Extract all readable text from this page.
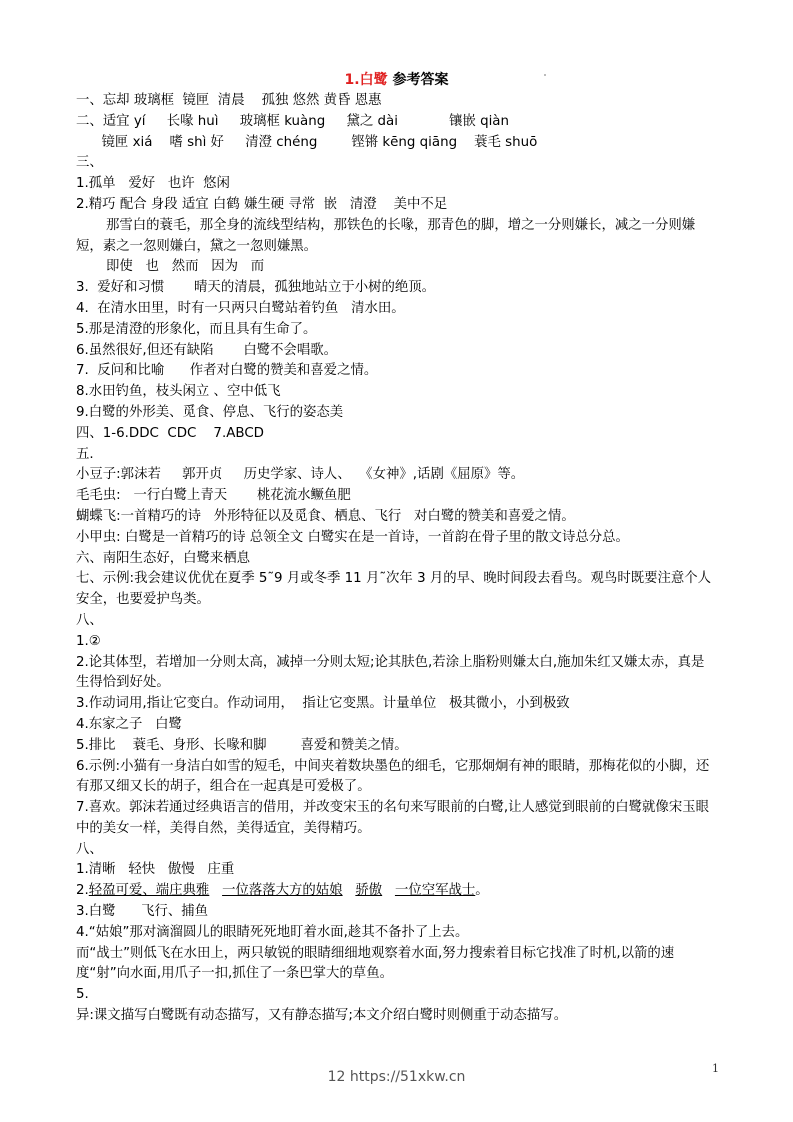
1.白鹭 参考答案
一、忘却 玻璃框  镜匣  清晨    孤独 悠然 黄昏 恩惠
二、适宜 yí     长喙 huì     玻璃框 kuàng     黛之 dài            镶嵌 qiàn
镜匣 xiá    嗜 shì 好     清澄 chéng        铿锵 kēng qiāng    蓑毛 shuō
三、
1.孤单   爱好   也许  悠闲
2.精巧 配合 身段 适宜 白鹤 嫌生硬 寻常  嵌   清澄    美中不足
那雪白的蓑毛，那全身的流线型结构，那铁色的长喙，那青色的脚，增之一分则嫌长，减之一分则嫌短，素之一忽则嫌白，黛之一忽则嫌黑。
即使   也   然而   因为   而
3.  爱好和习惯       晴天的清晨，孤独地站立于小树的绝顶。
4.  在清水田里，时有一只两只白鹭站着钓鱼   清水田。
5.那是清澄的形象化，而且具有生命了。
6.虽然很好,但还有缺陷       白鹭不会唱歌。
7.  反问和比喻      作者对白鹭的赞美和喜爱之情。
8.水田钓鱼，枝头闲立 、空中低飞
9.白鹭的外形美、觅食、停息、飞行的姿态美
四、1-6.DDC  CDC    7.ABCD
五.
小豆子:郭沫若     郭开贞     历史学家、诗人、  《女神》,话剧《屈原》等。
毛毛虫:   一行白鹭上青天       桃花流水鳜鱼肥
蝴蝶飞:一首精巧的诗   外形特征以及觅食、栖息、飞行   对白鹭的赞美和喜爱之情。
小甲虫: 白鹭是一首精巧的诗 总领全文 白鹭实在是一首诗，一首韵在骨子里的散文诗总分总。
六、南阳生态好，白鹭来栖息
七、示例:我会建议优优在夏季 5˜9 月或冬季 11 月˜次年 3 月的早、晚时间段去看鸟。观鸟时既要注意个人安全，也要爱护鸟类。
八、
1.②
2.论其体型，若增加一分则太高，减掉一分则太短;论其肤色,若涂上脂粉则嫌太白,施加朱红又嫌太赤，真是生得恰到好处。
3.作动词用,指让它变白。作动词用，  指让它变黑。计量单位   极其微小，小到极致
4.东家之子   白鹭
5.排比    蓑毛、身形、长喙和脚        喜爱和赞美之情。
6.示例:小猫有一身洁白如雪的短毛，中间夹着数块墨色的细毛，它那炯炯有神的眼睛，那梅花似的小脚，还有那又细又长的胡子，组合在一起真是可爱极了。
7.喜欢。郭沫若通过经典语言的借用，并改变宋玉的名句来写眼前的白鹭,让人感觉到眼前的白鹭就像宋玉眼中的美女一样，美得自然，美得适宜，美得精巧。
八、
1.清晰   轻快   傲慢   庄重
2.轻盈可爱、端庄典雅 一位落落大方的姑娘 骄傲 一位空军战士。
3.白鹭      飞行、捕鱼
4.“姑娘”那对滴溜圆儿的眼睛死死地盯着水面,趁其不备扑了上去。
而“战士”则低飞在水田上，两只敏锐的眼睛细细地观察着水面,努力搜索着目标它找准了时机,以箭的速度“射”向水面,用爪子一扣,抓住了一条巴掌大的草鱼。
5.
异:课文描写白鹭既有动态描写，又有静态描写;本文介绍白鹭时则侧重于动态描写。
1
12 https://51xkw.cn
